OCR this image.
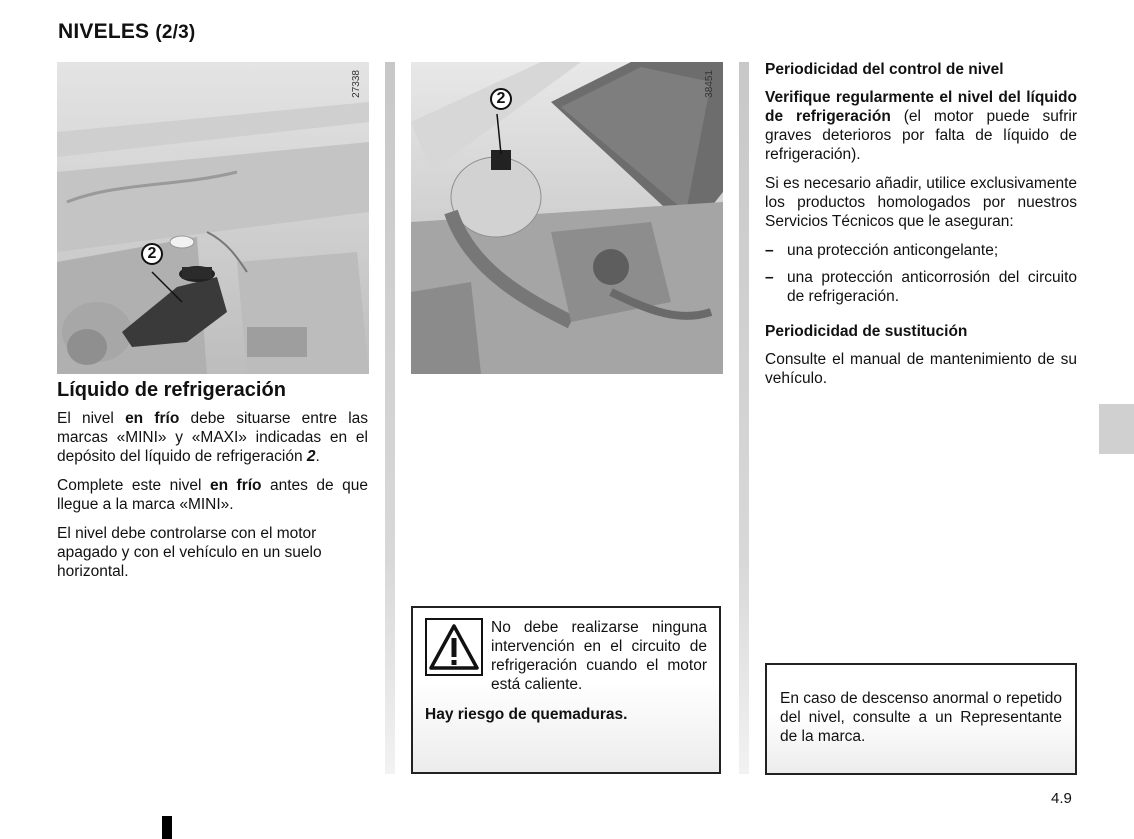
NIVELES (2/3)
2
27338
2
38451
Líquido de refrigeración

El nivel en frío debe situarse entre las marcas «MINI» y «MAXI» indicadas en el depósito del líquido de refrigeración 2.

Complete este nivel en frío antes de que llegue a la marca «MINI».

El nivel debe controlarse con el motor apagado y con el vehículo en un suelo horizontal.

No debe realizarse ninguna intervención en el circuito de refrigeración cuando el motor está caliente.

Hay riesgo de quemaduras.

Periodicidad del control de nivel

Verifique regularmente el nivel del líquido de refrigeración (el motor puede sufrir graves deterioros por falta de líquido de refrigeración).

Si es necesario añadir, utilice exclusivamente los productos homologados por nuestros Servicios Técnicos que le aseguran:

– una protección anticongelante;
– una protección anticorrosión del circuito de refrigeración.
Periodicidad de sustitución

Consulte el manual de mantenimiento de su vehículo.

En caso de descenso anormal o repetido del nivel, consulte a un Representante de la marca.
4.9
